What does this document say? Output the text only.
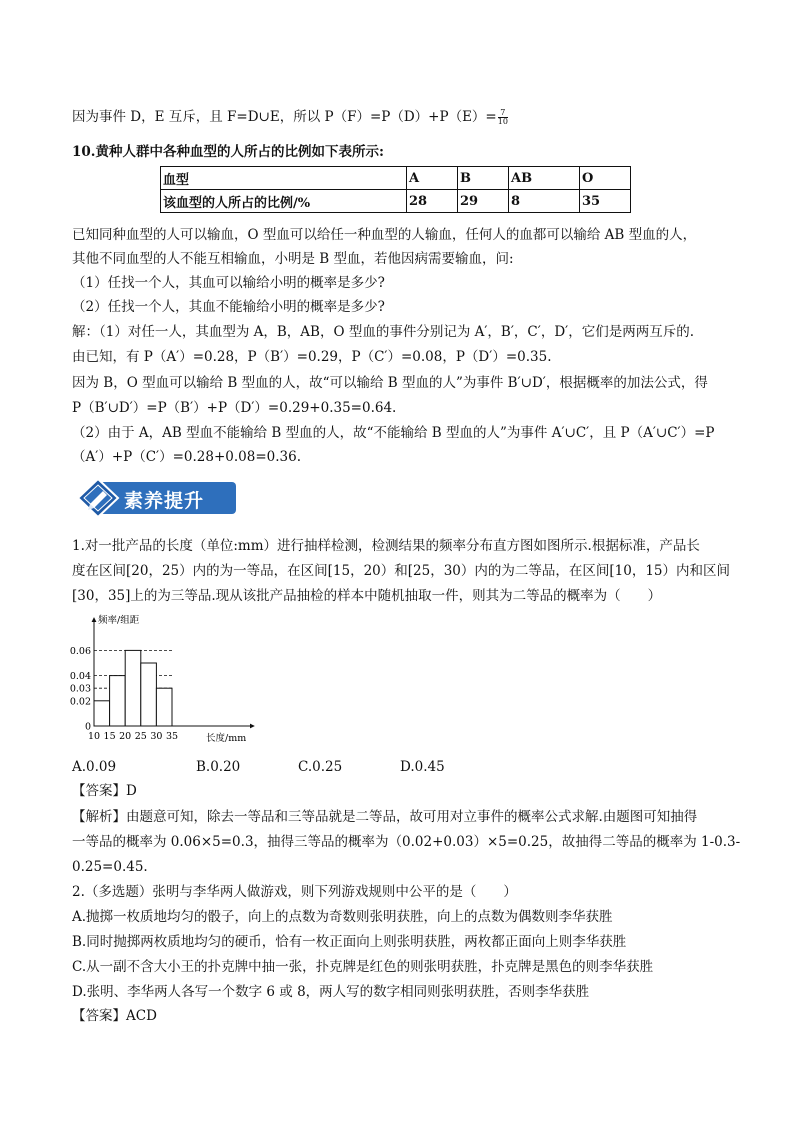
因为事件 D，E 互斥，且 F=D∪E，所以 $P(F)=P(D)+P(E)= \frac{7}{10}$
10.黄种人群中各种血型的人所占的比例如下表所示:
血型	A	B	AB	O
该血型的人所占的比例/%	28	29	8	35
已知同种血型的人可以输血，O 型血可以给任一种血型的人输血，任何人的血都可以输给 AB 型血的人，
其他不同血型的人不能互相输血，小明是 B 型血，若他因病需要输血，问:
（1）任找一个人，其血可以输给小明的概率是多少?
（2）任找一个人，其血不能输给小明的概率是多少?
解：（1）对任一人，其血型为 A，B，AB，O 型血的事件分别记为 A′，B′，C′，D′，它们是两两互斥的.
由已知，有 P（A′）=0.28，P（B′）=0.29，P（C′）=0.08，P（D′）=0.35.
因为 B，O 型血可以输给 B 型血的人，故“可以输给 B 型血的人”为事件 B′∪D′，根据概率的加法公式，得
P（B′∪D′）=P（B′）+P（D′）=0.29+0.35=0.64.
（2）由于 A，AB 型血不能输给 B 型血的人，故“不能输给 B 型血的人”为事件 A′∪C′，且 P（A′∪C′）=P
（A′）+P（C′）=0.28+0.08=0.36.
素养提升
1.对一批产品的长度（单位:mm）进行抽样检测，检测结果的频率分布直方图如图所示.根据标准，产品长
度在区间[20，25）内的为一等品，在区间[15，20）和[25，30）内的为二等品，在区间[10，15）内和区间
[30，35]上的为三等品.现从该批产品抽检的样本中随机抽取一件，则其为二等品的概率为（　　）
0
0.02
0.03
0.04
0.06
10 15 20 25 30 35
频率/组距
长度/mm
A.0.09	B.0.20	C.0.25	D.0.45
【答案】D
【解析】由题意可知，除去一等品和三等品就是二等品，故可用对立事件的概率公式求解.由题图可知抽得
一等品的概率为 0.06×5=0.3，抽得三等品的概率为（0.02+0.03）×5=0.25，故抽得二等品的概率为 1-0.3-
0.25=0.45.
2.（多选题）张明与李华两人做游戏，则下列游戏规则中公平的是（　　）
A.抛掷一枚质地均匀的骰子，向上的点数为奇数则张明获胜，向上的点数为偶数则李华获胜
B.同时抛掷两枚质地均匀的硬币，恰有一枚正面向上则张明获胜，两枚都正面向上则李华获胜
C.从一副不含大小王的扑克牌中抽一张，扑克牌是红色的则张明获胜，扑克牌是黑色的则李华获胜
D.张明、李华两人各写一个数字 6 或 8，两人写的数字相同则张明获胜，否则李华获胜
【答案】ACD
